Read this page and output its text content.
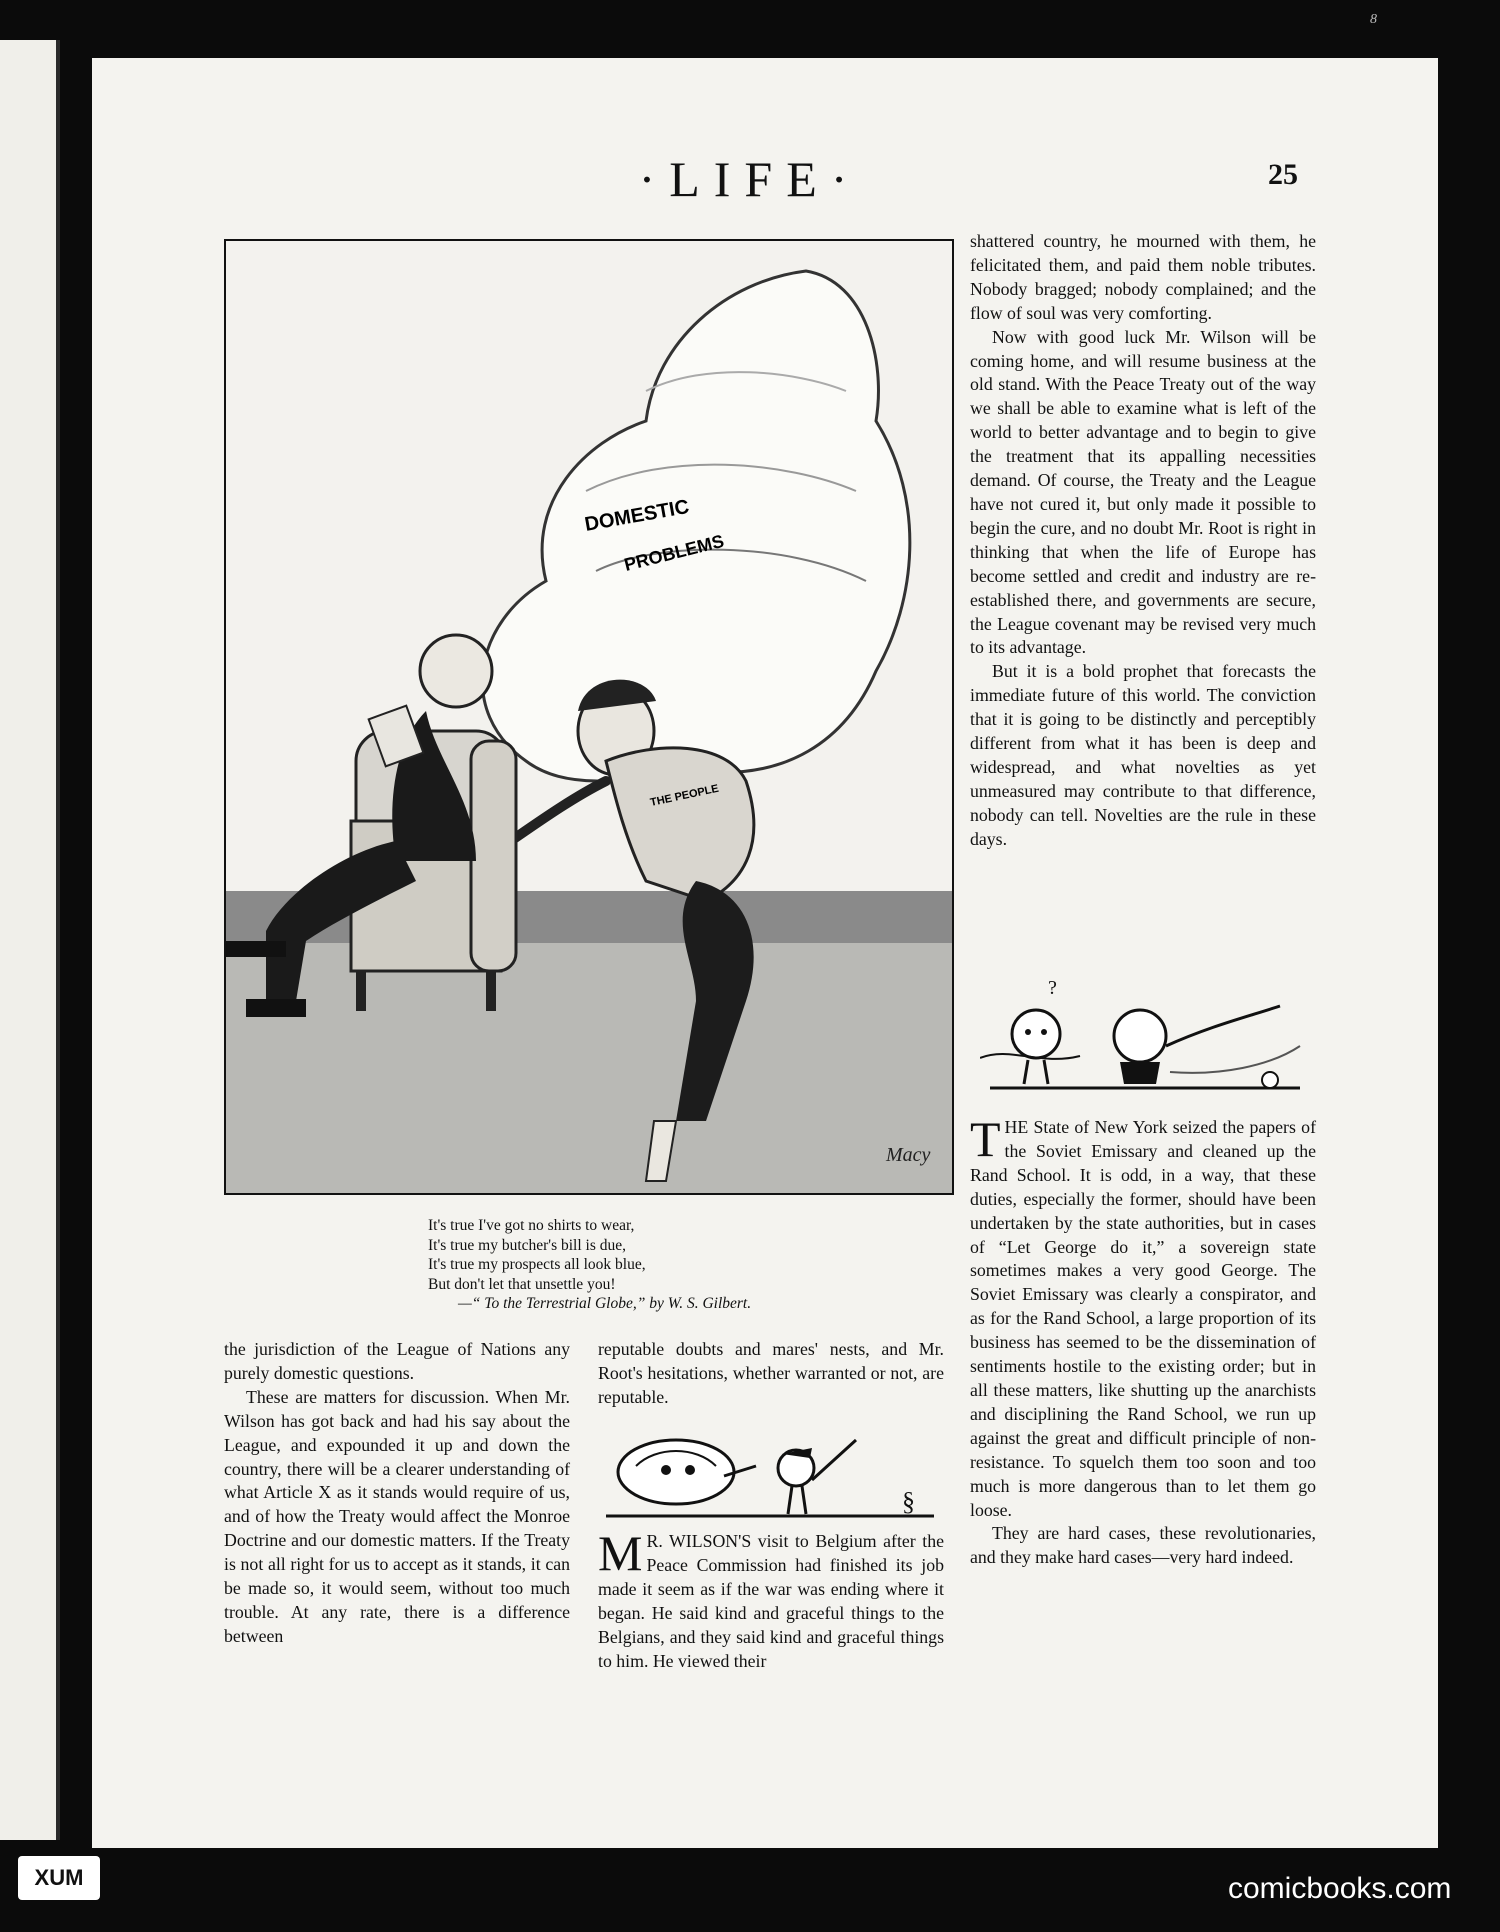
8
·LIFE·	25
DOMESTIC
PROBLEMS
THE PEOPLE
Macy
It's true I've got no shirts to wear,
It's true my butcher's bill is due,
It's true my prospects all look blue,
But don't let that unsettle you!
—“ To the Terrestrial Globe,” by W. S. Gilbert.

the jurisdiction of the League of Nations any purely domestic questions.

These are matters for discussion. When Mr. Wilson has got back and had his say about the League, and expounded it up and down the country, there will be a clearer understanding of what Article X as it stands would require of us, and of how the Treaty would affect the Monroe Doctrine and our domestic matters. If the Treaty is not all right for us to accept as it stands, it can be made so, it would seem, without too much trouble. At any rate, there is a difference between

reputable doubts and mares' nests, and Mr. Root's hesitations, whether warranted or not, are reputable.

§

M R. WILSON'S visit to Belgium after the Peace Commission had finished its job made it seem as if the war was ending where it began. He said kind and graceful things to the Belgians, and they said kind and graceful things to him. He viewed their

shattered country, he mourned with them, he felicitated them, and paid them noble tributes. Nobody bragged; nobody complained; and the flow of soul was very comforting.

Now with good luck Mr. Wilson will be coming home, and will resume business at the old stand. With the Peace Treaty out of the way we shall be able to examine what is left of the world to better advantage and to begin to give the treatment that its appalling necessities demand. Of course, the Treaty and the League have not cured it, but only made it possible to begin the cure, and no doubt Mr. Root is right in thinking that when the life of Europe has become settled and credit and industry are re-established there, and governments are secure, the League covenant may be revised very much to its advantage.

But it is a bold prophet that forecasts the immediate future of this world. The conviction that it is going to be distinctly and perceptibly different from what it has been is deep and widespread, and what novelties as yet unmeasured may contribute to that difference, nobody can tell. Novelties are the rule in these days.

?

THE State of New York seized the papers of the Soviet Emissary and cleaned up the Rand School. It is odd, in a way, that these duties, especially the former, should have been undertaken by the state authorities, but in cases of “Let George do it,” a sovereign state sometimes makes a very good George. The Soviet Emissary was clearly a conspirator, and as for the Rand School, a large proportion of its business has seemed to be the dissemination of sentiments hostile to the existing order; but in all these matters, like shutting up the anarchists and disciplining the Rand School, we run up against the great and difficult principle of non-resistance. To squelch them too soon and too much is more dangerous than to let them go loose.

They are hard cases, these revolutionaries, and they make hard cases—very hard indeed.

XUM	comicbooks.com
